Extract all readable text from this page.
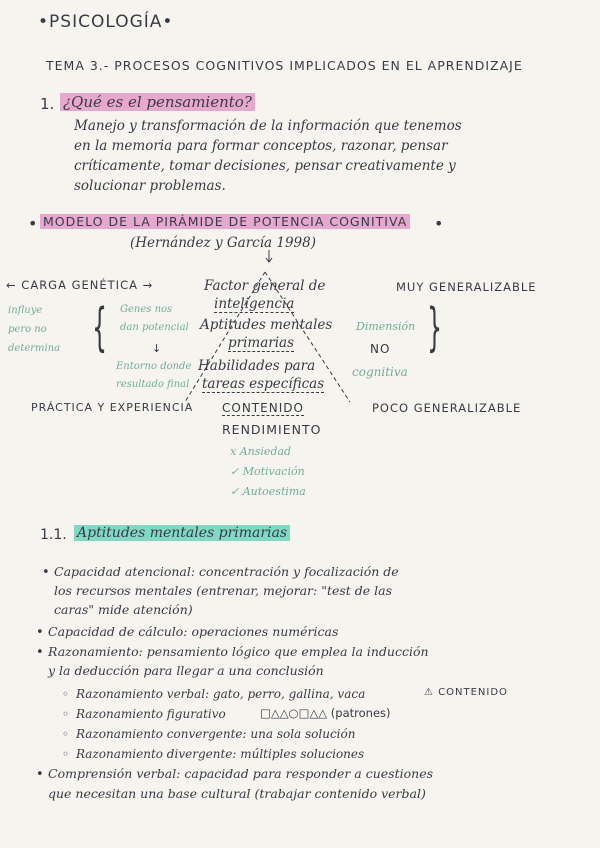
•PSICOLOGÍA•
TEMA 3.- PROCESOS COGNITIVOS IMPLICADOS EN EL APRENDIZAJE
1. ¿Qué es el pensamiento?
Manejo y transformación de la información que tenemos
en la memoria para formar conceptos, razonar, pensar
críticamente, tomar decisiones, pensar creativamente y
solucionar problemas.
• MODELO DE LA PIRÁMIDE DE POTENCIA COGNITIVA •
(Hernández y García 1998)
← CARGA GENÉTICA →
influye
pero no
determina { Genes nos
dan potencial
↓
Entorno donde
resultado final
Factor general de
inteligencia
Aptitudes mentales
primarias
Habilidades para
tareas específicas
CONTENIDO
RENDIMIENTO
PRÁCTICA Y EXPERIENCIA
MUY GENERALIZABLE
Dimensión
NO
cognitiva
}
POCO GENERALIZABLE
x Ansiedad
✓ Motivación
✓ Autoestima
1.1. Aptitudes mentales primarias
• Capacidad atencional: concentración y focalización de
los recursos mentales (entrenar, mejorar: "test de las
caras" mide atención)
• Capacidad de cálculo: operaciones numéricas
• Razonamiento: pensamiento lógico que emplea la inducción
y la deducción para llegar a una conclusión
◦ Razonamiento verbal: gato, perro, gallina, vaca	⚠ CONTENIDO
◦ Razonamiento figurativo	□△△○□△△ (patrones)
◦ Razonamiento convergente: una sola solución
◦ Razonamiento divergente: múltiples soluciones
• Comprensión verbal: capacidad para responder a cuestiones
que necesitan una base cultural (trabajar contenido verbal)
